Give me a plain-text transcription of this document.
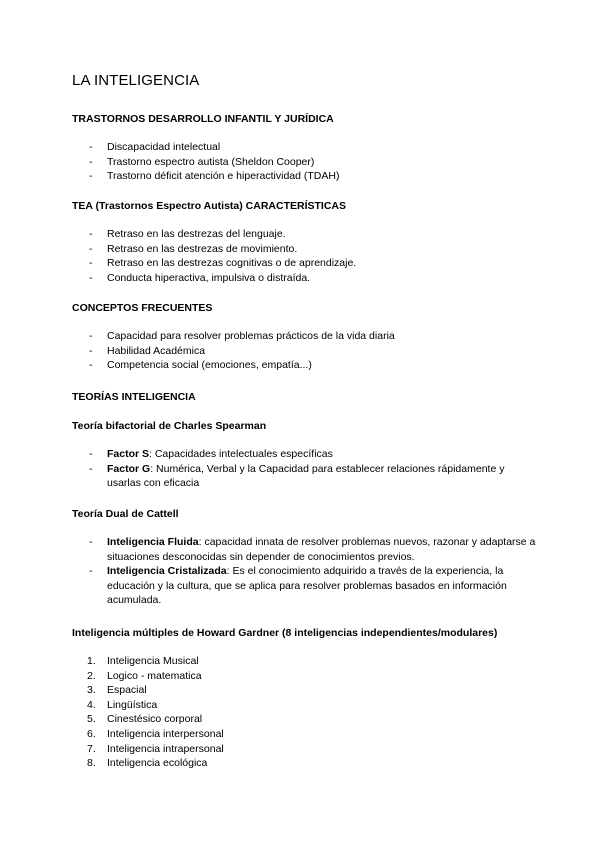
LA INTELIGENCIA
TRASTORNOS DESARROLLO INFANTIL Y JURÍDICA
- Discapacidad intelectual
- Trastorno espectro autista (Sheldon Cooper)
- Trastorno déficit atención e hiperactividad (TDAH)
TEA (Trastornos Espectro Autista) CARACTERÍSTICAS
- Retraso en las destrezas del lenguaje.
- Retraso en las destrezas de movimiento.
- Retraso en las destrezas cognitivas o de aprendizaje.
- Conducta hiperactiva, impulsiva o distraída.
CONCEPTOS FRECUENTES
- Capacidad para resolver problemas prácticos de la vida diaria
- Habilidad Académica
- Competencia social (emociones, empatía...)
TEORÍAS INTELIGENCIA
Teoría bifactorial de Charles Spearman
- Factor S: Capacidades intelectuales específicas
- Factor G: Numérica, Verbal y la Capacidad para establecer relaciones rápidamente y usarlas con eficacia
Teoría Dual de Cattell
- Inteligencia Fluida: capacidad innata de resolver problemas nuevos, razonar y adaptarse a situaciones desconocidas sin depender de conocimientos previos.
- Inteligencia Cristalizada: Es el conocimiento adquirido a través de la experiencia, la educación y la cultura, que se aplica para resolver problemas basados en información acumulada.
Inteligencia múltiples de Howard Gardner (8 inteligencias independientes/modulares)
1. Inteligencia Musical
2. Logico - matematica
3. Espacial
4. Lingüística
5. Cinestésico corporal
6. Inteligencia interpersonal
7. Inteligencia intrapersonal
8. Inteligencia ecológica
